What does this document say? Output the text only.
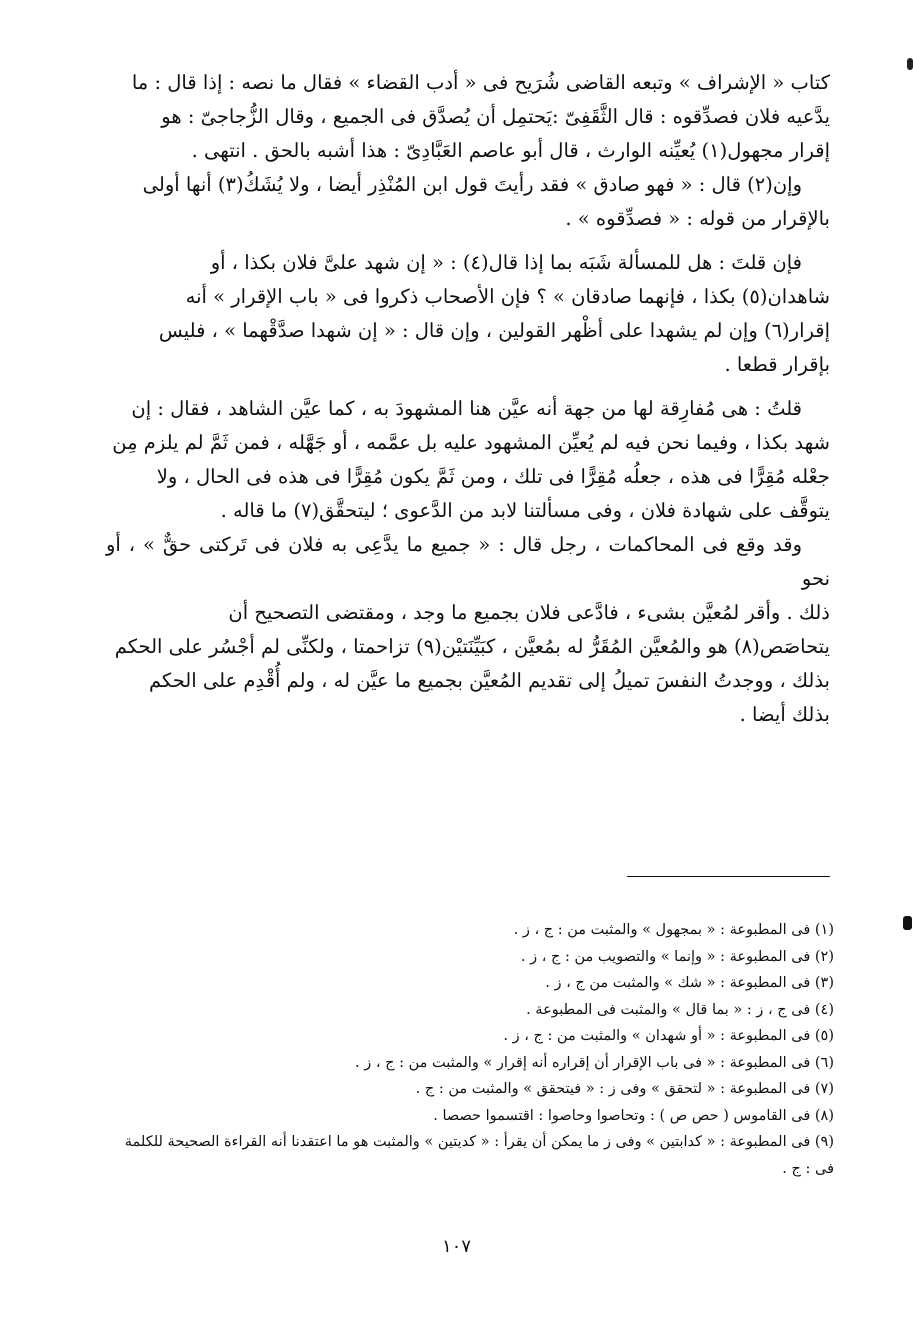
كتاب « الإشراف » وتبعه القاضى شُرَيح فى « أدب القضاء » فقال ما نصه : إذا قال : ما
يدَّعيه فلان فصدِّقوه : قال الثَّقَفِىّ :يَحتمِل أن يُصدَّق فى الجميع ، وقال الزُّجاجىّ : هو
إقرار مجهول(١) يُعيِّنه الوارث ، قال أبو عاصم العَبَّادِىّ : هذا أشبه بالحق . انتهى .

وإن(٢) قال : « فهو صادق » فقد رأيتَ قول ابن المُنْذِر أيضا ، ولا يُشَكُ(٣) أنها أولى
بالإقرار من قوله : « فصدِّقوه » .

فإن قلتَ : هل للمسألة شَبَه بما إذا قال(٤) : « إن شهد علىَّ فلان بكذا ، أو
شاهدان(٥) بكذا ، فإنهما صادقان » ؟ فإن الأصحاب ذكروا فى « باب الإقرار » أنه
إقرار(٦) وإن لم يشهدا على أظْهر القولين ، وإن قال : « إن شهدا صدَّقْهما » ، فليس
بإقرار قطعا .

قلتُ : هى مُفارِقة لها من جهة أنه عيَّن هنا المشهودَ به ، كما عيَّن الشاهد ، فقال : إن
شهد بكذا ، وفيما نحن فيه لم يُعيِّن المشهود عليه بل عمَّمه ، أو جَهَّله ، فمن ثَمَّ لم يلزم مِن
جعْله مُقِرًّا فى هذه ، جعلُه مُقِرًّا فى تلك ، ومن ثَمَّ يكون مُقِرًّا فى هذه فى الحال ، ولا
يتوقَّف على شهادة فلان ، وفى مسألتنا لابد من الدَّعوى ؛ ليتحقَّق(٧) ما قاله .

وقد وقع فى المحاكمات ، رجل قال : « جميع ما يدَّعِى به فلان فى تَركتى حقٌّ » ، أو نحو
ذلك . وأقر لمُعيَّن بشىء ، فادَّعى فلان بجميع ما وجد ، ومقتضى التصحيح أن
يتحاصَص(٨) هو والمُعيَّن المُقَرُّ له بمُعيَّن ، كبَيِّنَتيْن(٩) تزاحمتا ، ولكنِّى لم أجْسُر على الحكم
بذلك ، ووجدتُ النفسَ تميلُ إلى تقديم المُعيَّن بجميع ما عيَّن له ، ولم أُقْدِم على الحكم
بذلك أيضا .

(١) فى المطبوعة : « بمجهول » والمثبت من : ج ، ز .

(٢) فى المطبوعة : « وإنما » والتصويب من : ج ، ز .

(٣) فى المطبوعة : « شك » والمثبت من ج ، ز .

(٤) فى ج ، ز : « بما قال » والمثبت فى المطبوعة .

(٥) فى المطبوعة : « أو شهدان » والمثبت من : ج ، ز .

(٦) فى المطبوعة : « فى باب الإقرار أن إقراره أنه إقرار » والمثبت من : ج ، ز .

(٧) فى المطبوعة : « لتحقق » وفى ز : « فيتحقق » والمثبت من : ج .

(٨) فى القاموس ( حص ص ) : وتحاصوا وحاصوا : اقتسموا حصصا .

(٩) فى المطبوعة : « كدابتين » وفى ز ما يمكن أن يقرأ : « كديتين » والمثبت هو ما اعتقدنا أنه القراءة الصحيحة للكلمة

فى : ج .

١٠٧
